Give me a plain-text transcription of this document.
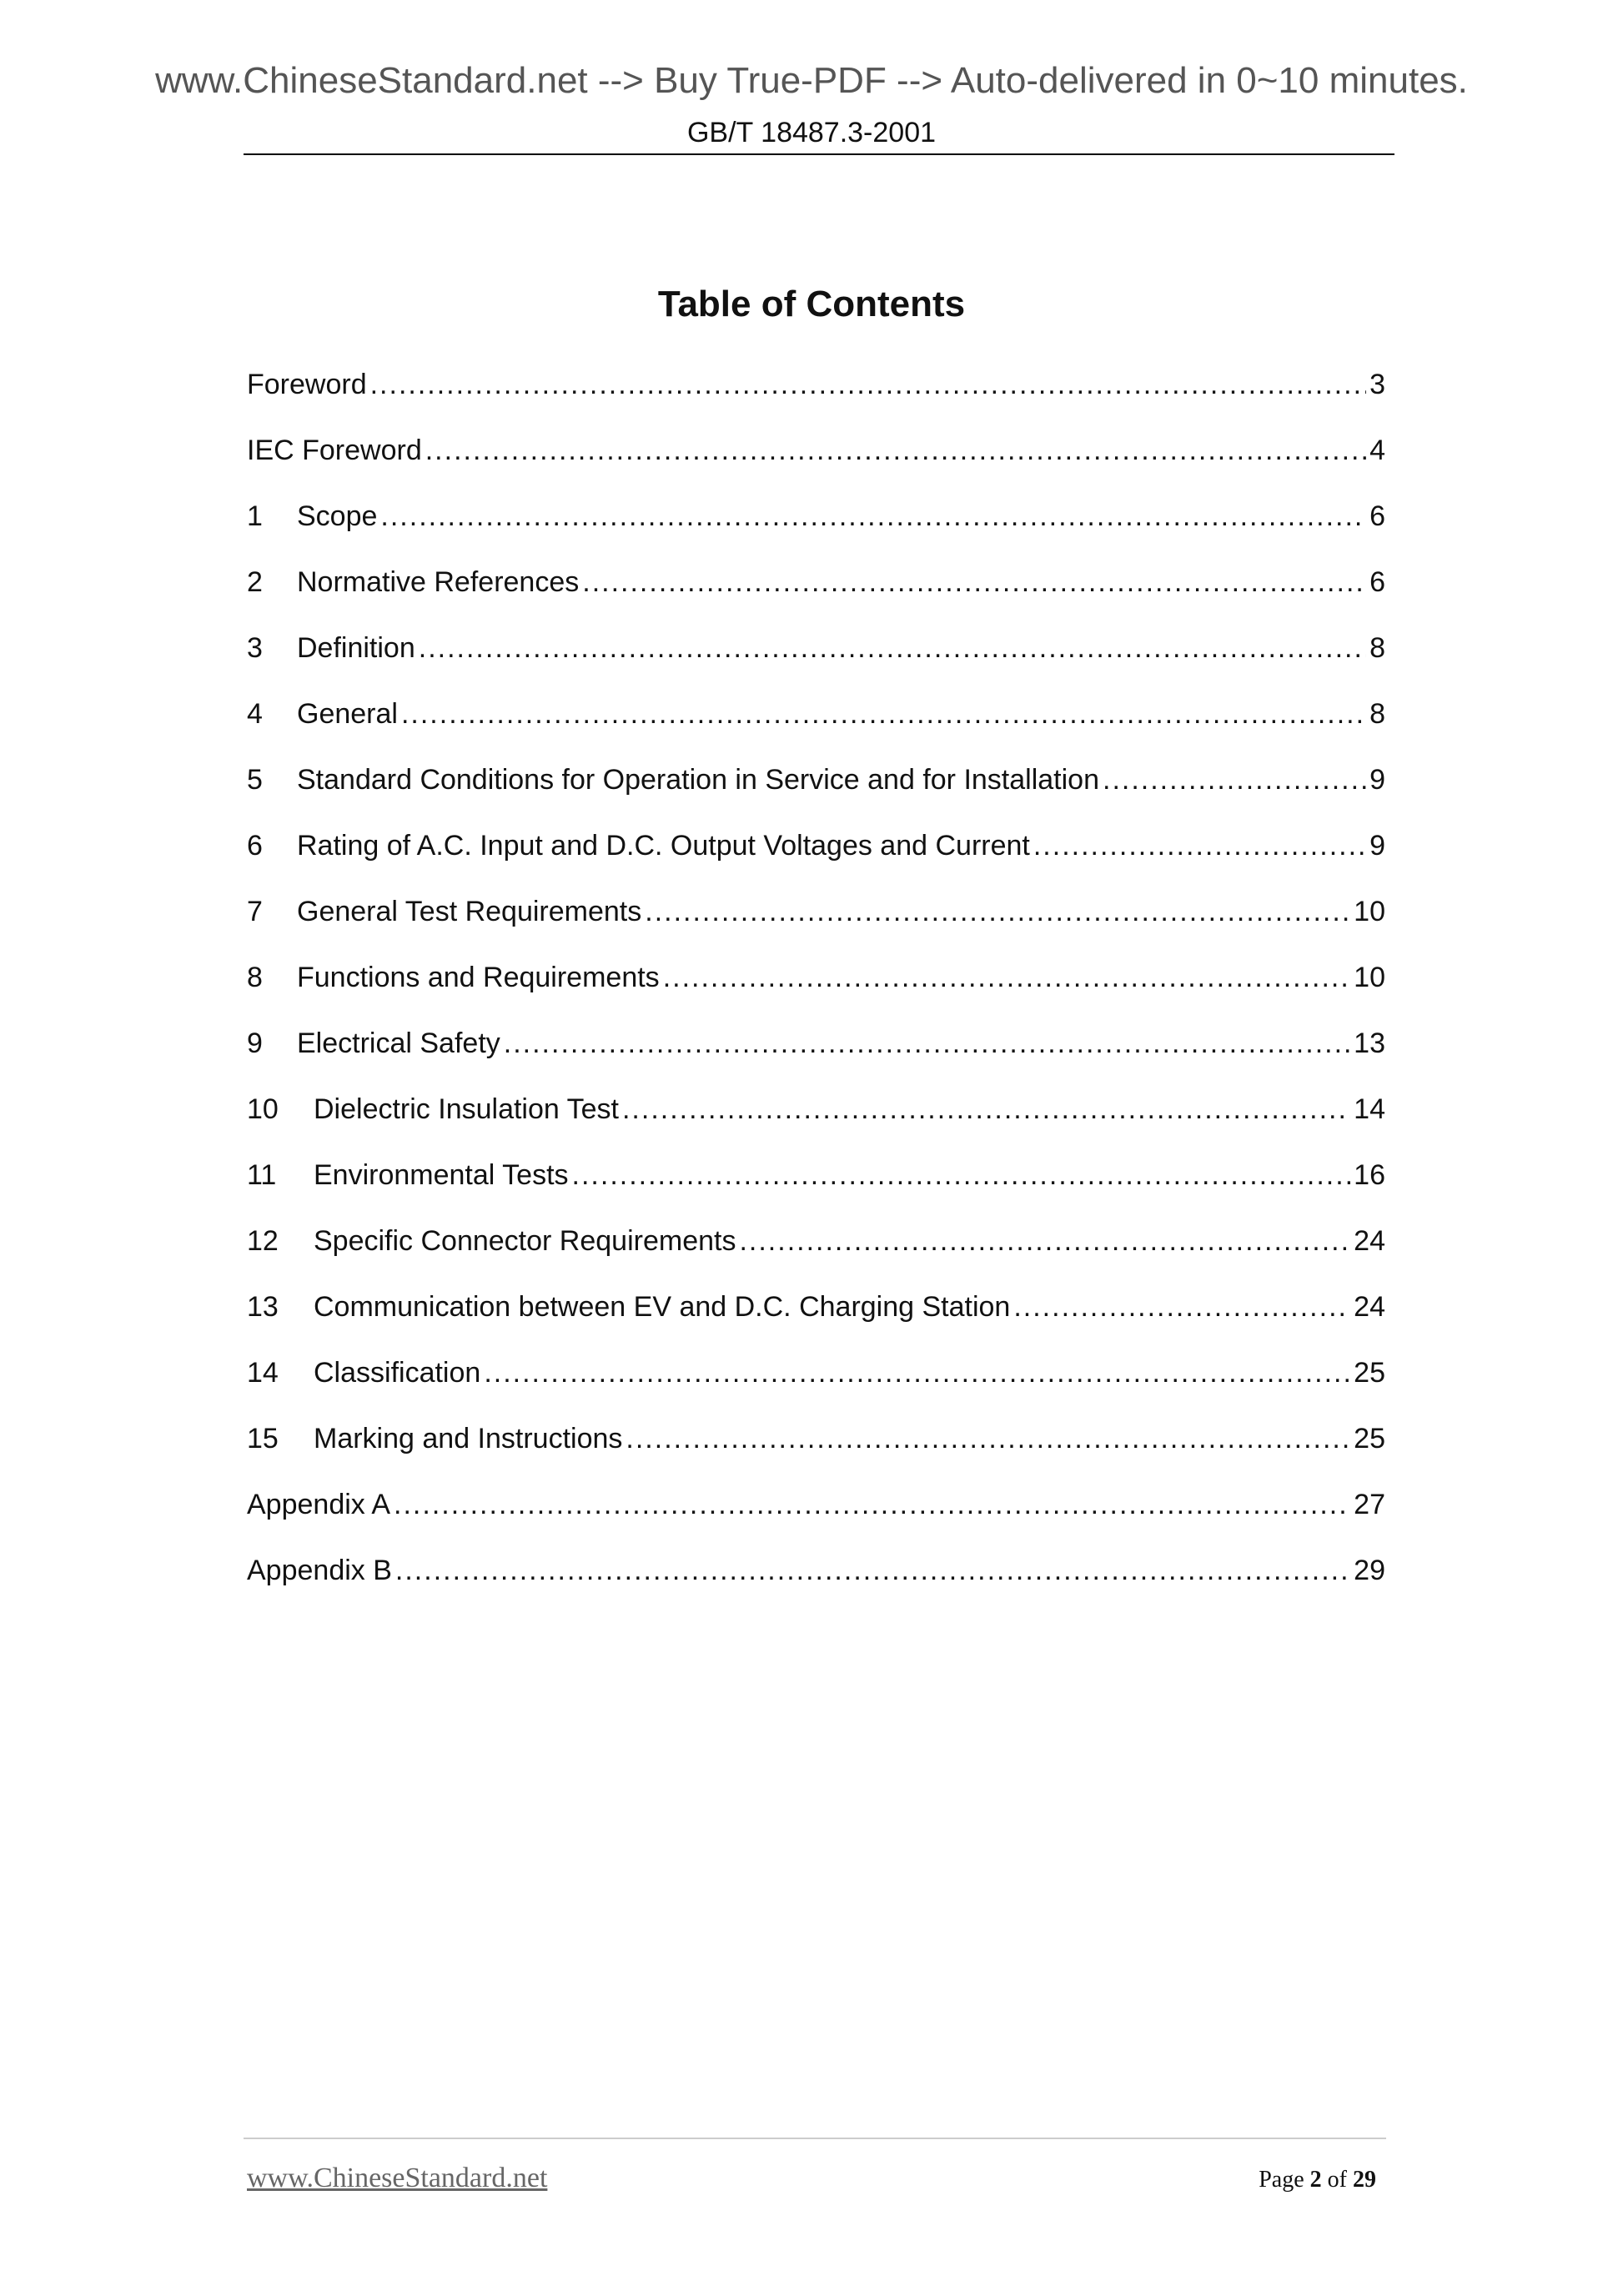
www.ChineseStandard.net --> Buy True-PDF --> Auto-delivered in 0~10 minutes.
GB/T 18487.3-2001
Table of Contents
Foreword .....	3
IEC Foreword .....	4
1	Scope .....	6
2	Normative References .....	6
3	Definition .....	8
4	General .....	8
5	Standard Conditions for Operation in Service and for Installation .....	9
6	Rating of A.C. Input and D.C. Output Voltages and Current .....	9
7	General Test Requirements .....	10
8	Functions and Requirements .....	10
9	Electrical Safety .....	13
10	Dielectric Insulation Test .....	14
11	Environmental Tests .....	16
12	Specific Connector Requirements .....	24
13	Communication between EV and D.C. Charging Station .....	24
14	Classification .....	25
15	Marking and Instructions .....	25
Appendix A .....	27
Appendix B .....	29
www.ChineseStandard.net	Page 2 of 29
